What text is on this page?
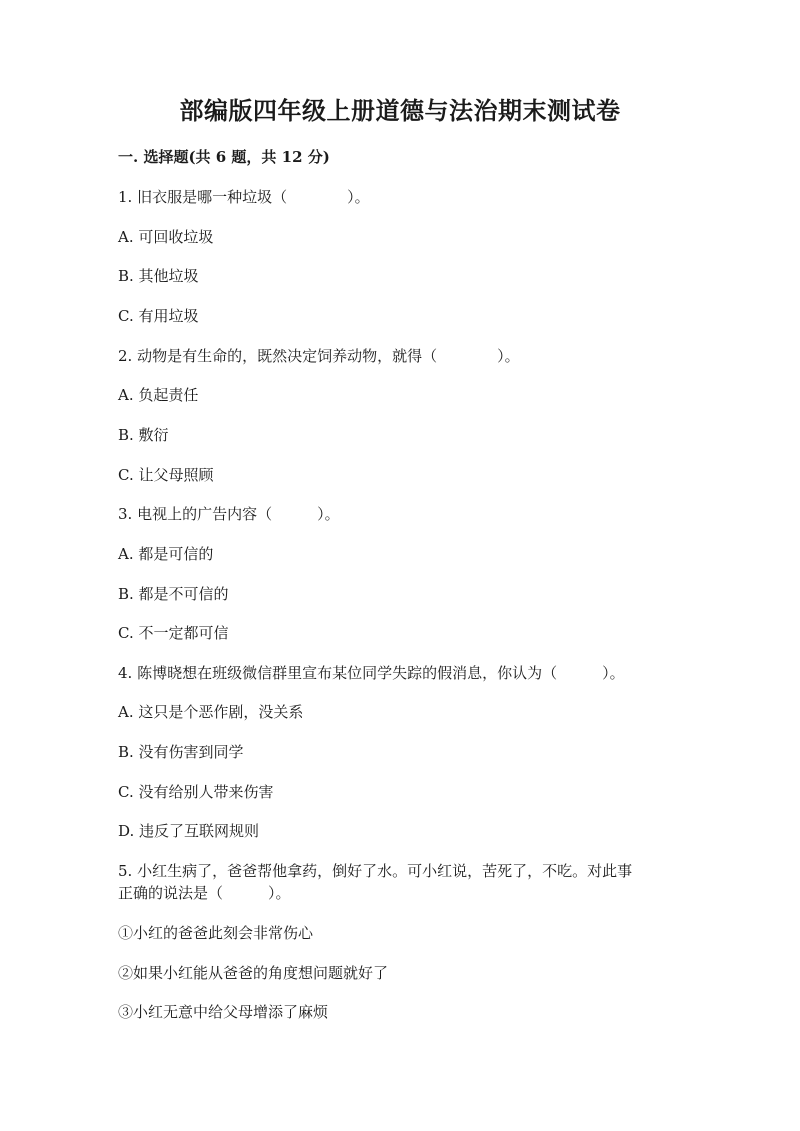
部编版四年级上册道德与法治期末测试卷
一. 选择题(共 6 题，共 12 分)
1. 旧衣服是哪一种垃圾（　　　　）。
A. 可回收垃圾
B. 其他垃圾
C. 有用垃圾
2. 动物是有生命的，既然决定饲养动物，就得（　　　　）。
A. 负起责任
B. 敷衍
C. 让父母照顾
3. 电视上的广告内容（　　　）。
A. 都是可信的
B. 都是不可信的
C. 不一定都可信
4. 陈博晓想在班级微信群里宣布某位同学失踪的假消息，你认为（　　　）。
A. 这只是个恶作剧，没关系
B. 没有伤害到同学
C. 没有给别人带来伤害
D. 违反了互联网规则
5. 小红生病了，爸爸帮他拿药，倒好了水。可小红说，苦死了，不吃。对此事
正确的说法是（　　　）。
①小红的爸爸此刻会非常伤心
②如果小红能从爸爸的角度想问题就好了
③小红无意中给父母增添了麻烦
